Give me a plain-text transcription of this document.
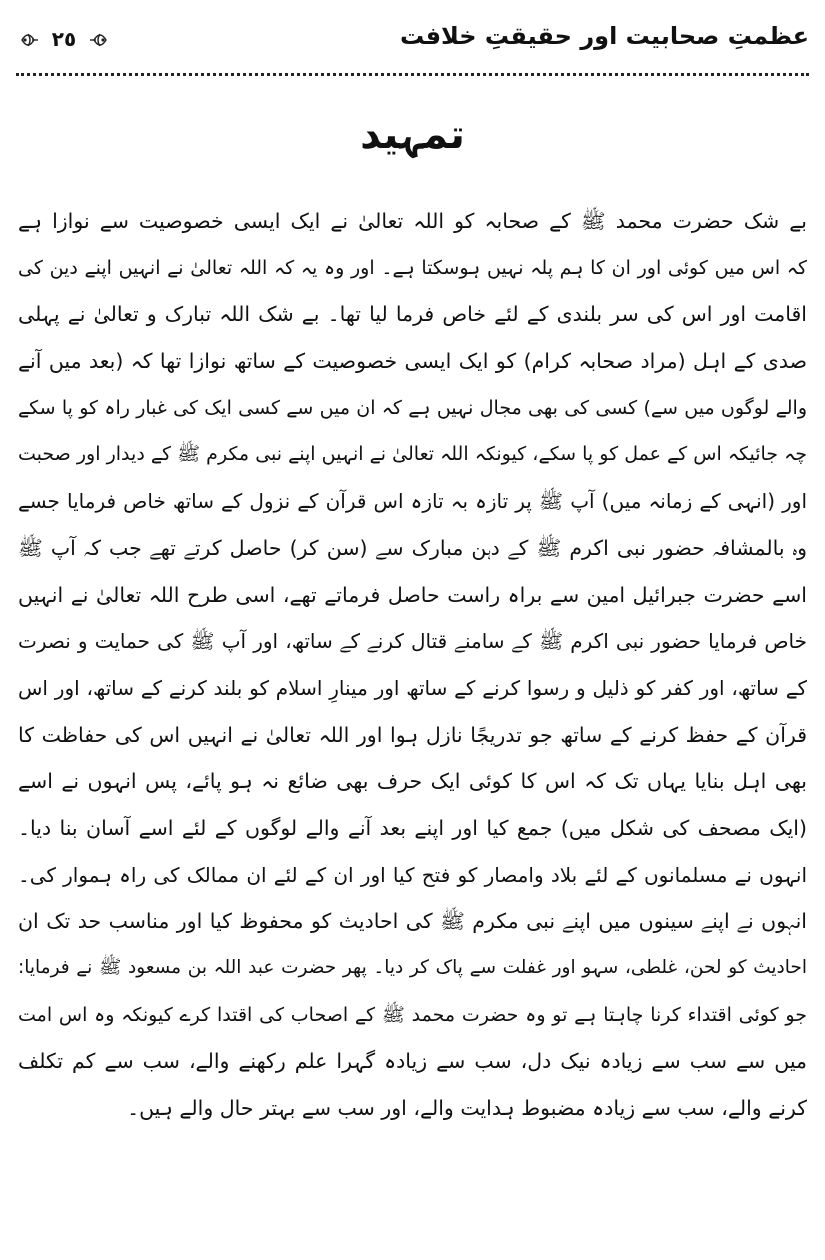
عظمتِ صحابیت اور حقیقتِ خلافت
٢٥
تمہید
بے شک حضرت محمد ﷺ کے صحابہ کو اللہ تعالیٰ نے ایک ایسی خصوصیت سے نوازا ہے
کہ اس میں کوئی اور ان کا ہم پلہ نہیں ہوسکتا ہے۔ اور وہ یہ کہ اللہ تعالیٰ نے انہیں اپنے دین کی
اقامت اور اس کی سر بلندی کے لئے خاص فرما لیا تھا۔ بے شک اللہ تبارک و تعالیٰ نے پہلی
صدی کے اہل (مراد صحابہ کرام) کو ایک ایسی خصوصیت کے ساتھ نوازا تھا کہ (بعد میں آنے
والے لوگوں میں سے) کسی کی بھی مجال نہیں ہے کہ ان میں سے کسی ایک کی غبار راہ کو پا سکے
چہ جائیکہ اس کے عمل کو پا سکے، کیونکہ اللہ تعالیٰ نے انہیں اپنے نبی مکرم ﷺ کے دیدار اور صحبت
اور (انہی کے زمانہ میں) آپ ﷺ پر تازہ بہ تازہ اس قرآن کے نزول کے ساتھ خاص فرمایا جسے
وہ بالمشافہ حضور نبی اکرم ﷺ کے دہن مبارک سے (سن کر) حاصل کرتے تھے جب کہ آپ ﷺ
اسے حضرت جبرائیل امین سے براہ راست حاصل فرماتے تھے، اسی طرح اللہ تعالیٰ نے انہیں
خاص فرمایا حضور نبی اکرم ﷺ کے سامنے قتال کرنے کے ساتھ، اور آپ ﷺ کی حمایت و نصرت
کے ساتھ، اور کفر کو ذلیل و رسوا کرنے کے ساتھ اور مینارِ اسلام کو بلند کرنے کے ساتھ، اور اس
قرآن کے حفظ کرنے کے ساتھ جو تدریجًا نازل ہوا اور اللہ تعالیٰ نے انہیں اس کی حفاظت کا
بھی اہل بنایا یہاں تک کہ اس کا کوئی ایک حرف بھی ضائع نہ ہو پائے، پس انہوں نے اسے
(ایک مصحف کی شکل میں) جمع کیا اور اپنے بعد آنے والے لوگوں کے لئے اسے آسان بنا دیا۔
انہوں نے مسلمانوں کے لئے بلاد وامصار کو فتح کیا اور ان کے لئے ان ممالک کی راہ ہموار کی۔
انہوں نے اپنے سینوں میں اپنے نبی مکرم ﷺ کی احادیث کو محفوظ کیا اور مناسب حد تک ان
احادیث کو لحن، غلطی، سہو اور غفلت سے پاک کر دیا۔ پھر حضرت عبد اللہ بن مسعود ﷺ نے فرمایا:
جو کوئی اقتداء کرنا چاہتا ہے تو وہ حضرت محمد ﷺ کے اصحاب کی اقتدا کرے کیونکہ وہ اس امت
میں سے سب سے زیادہ نیک دل، سب سے زیادہ گہرا علم رکھنے والے، سب سے کم تکلف
کرنے والے، سب سے زیادہ مضبوط ہدایت والے، اور سب سے بہتر حال والے ہیں۔
